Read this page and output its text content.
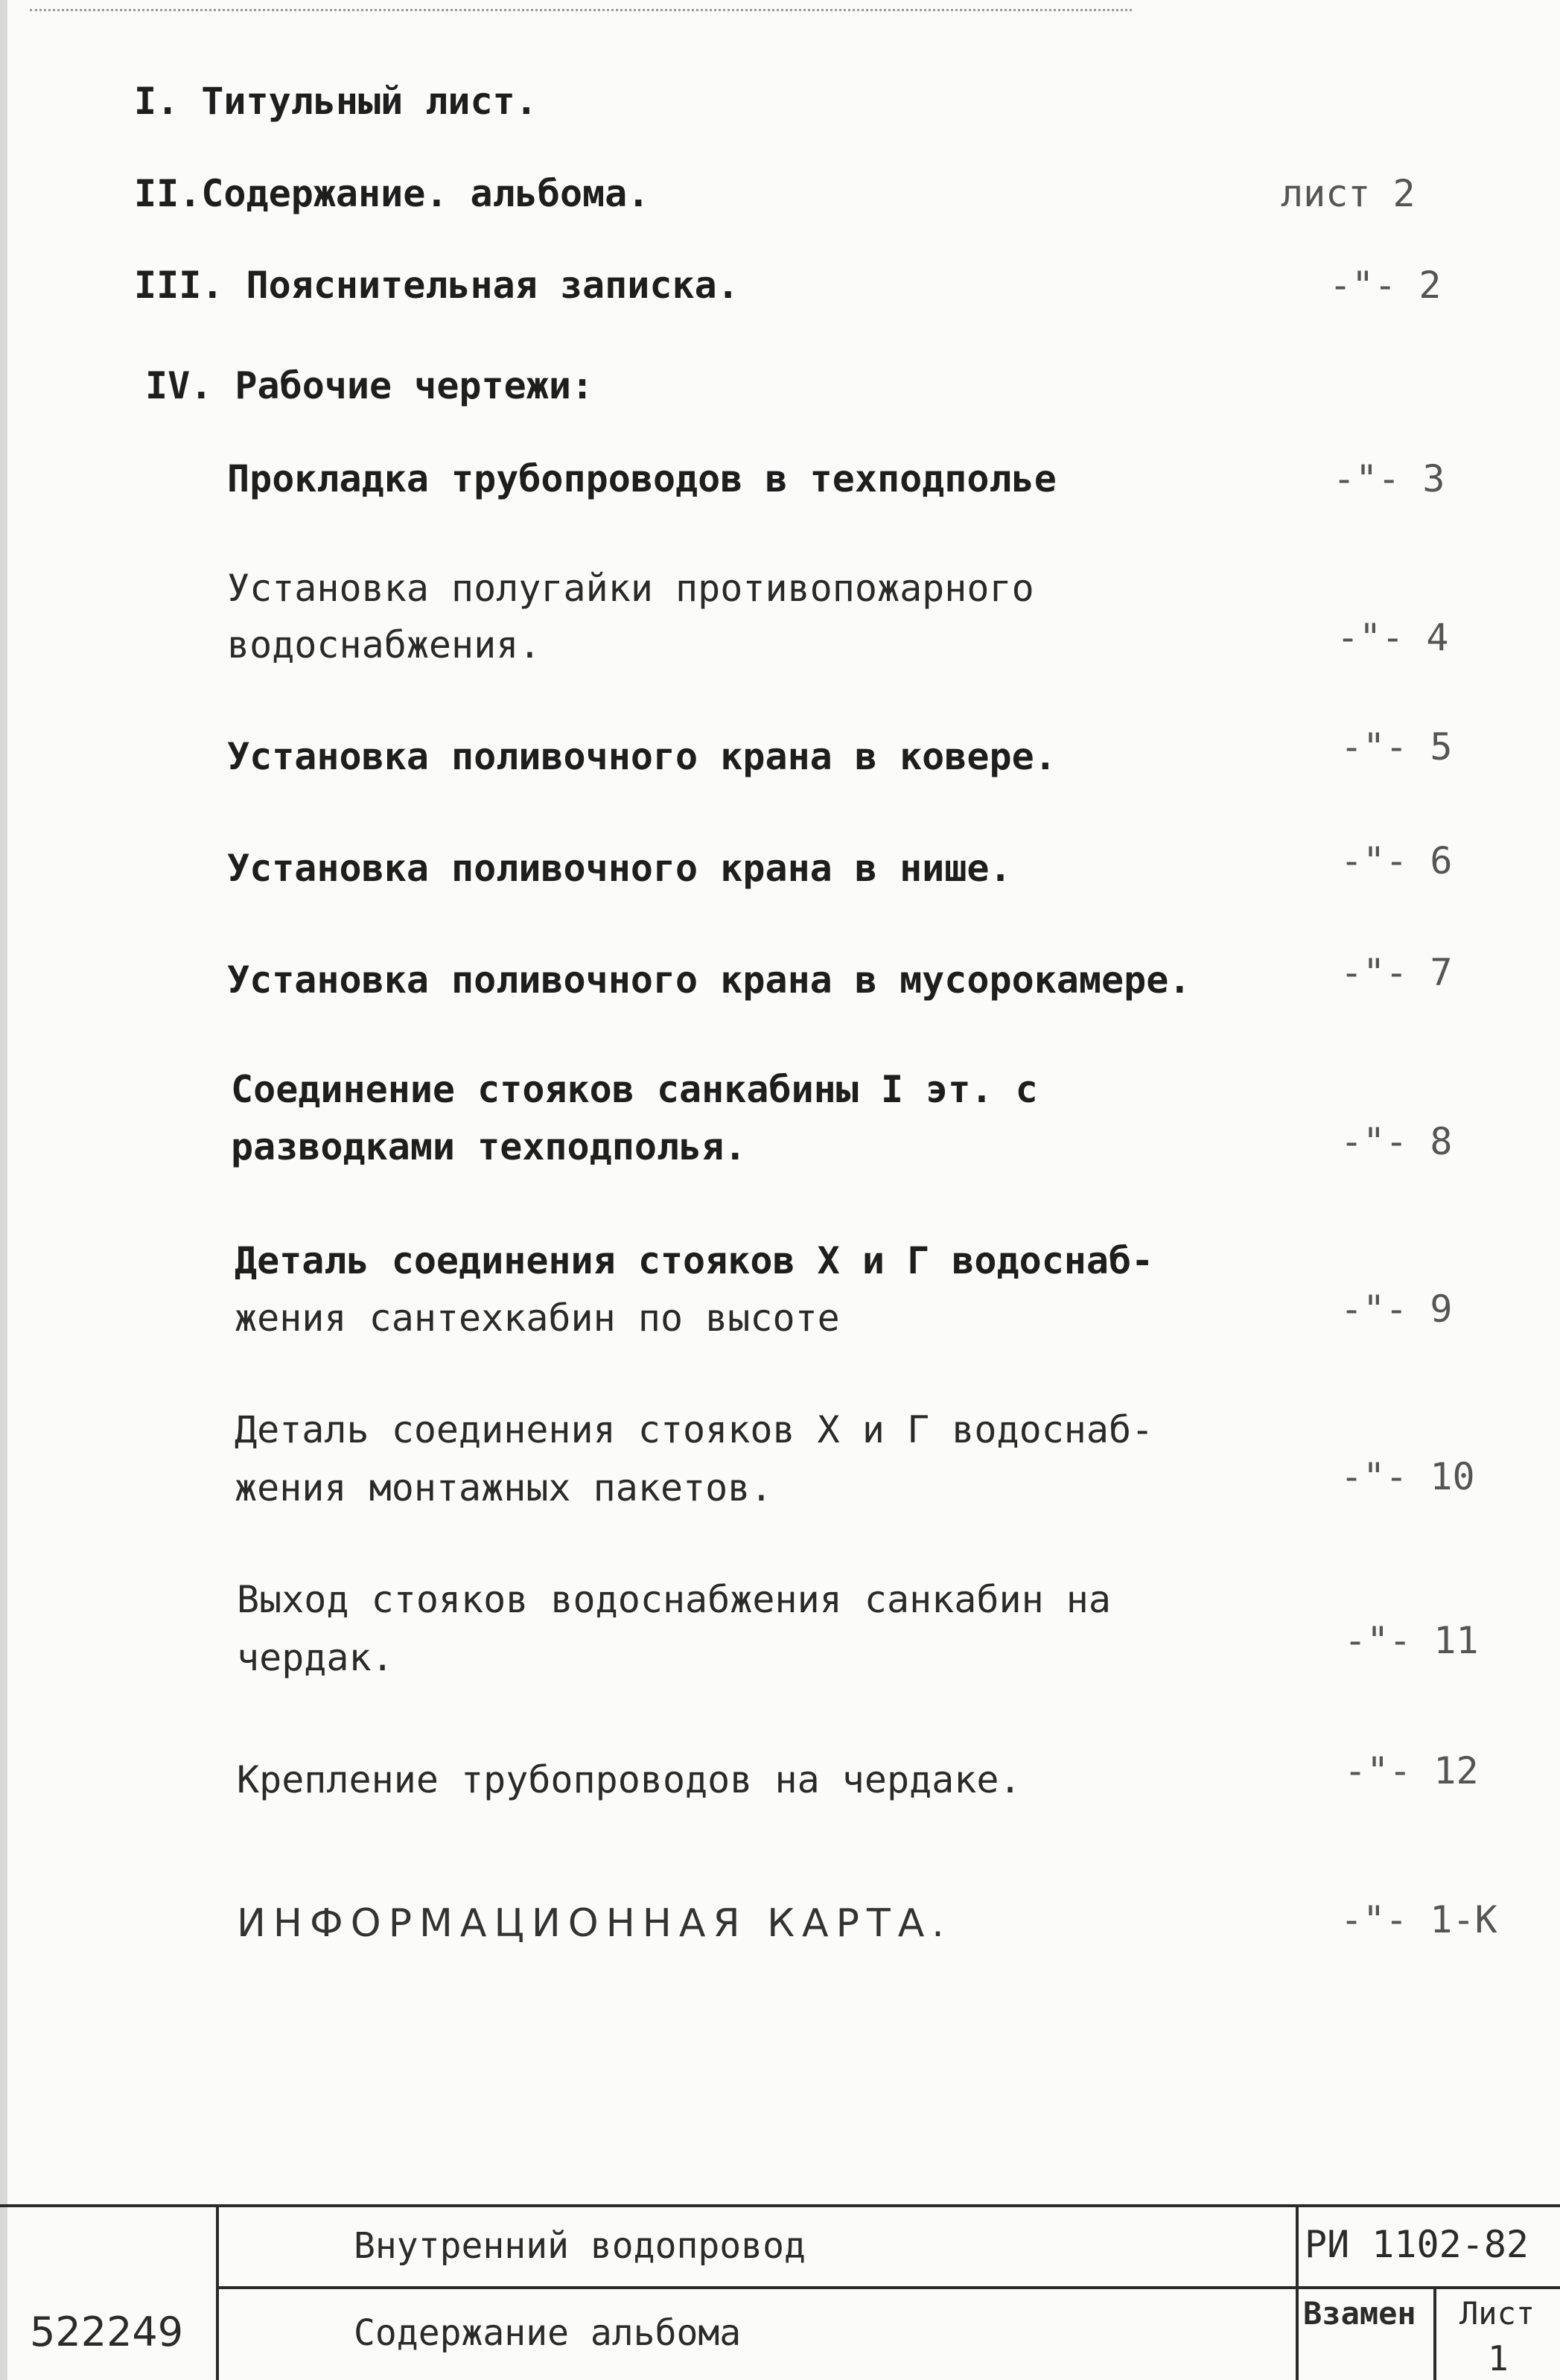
I. Титульный лист.
II.Содержание. альбома.	лист 2
III. Пояснительная записка.	-"- 2
IV. Рабочие чертежи:
Прокладка трубопроводов в техподполье	-"- 3
Установка полугайки противопожарного
водоснабжения.	-"- 4
Установка поливочного крана в ковере.	-"- 5
Установка поливочного крана в нише.	-"- 6
Установка поливочного крана в мусорокамере.	-"- 7
Соединение стояков санкабины I эт. с
разводками техподполья.	-"- 8
Деталь соединения стояков Х и Г водоснаб-
жения сантехкабин по высоте	-"- 9
Деталь соединения стояков Х и Г водоснаб-
жения монтажных пакетов.	-"- 10
Выход стояков водоснабжения санкабин на
чердак.	-"- 11
Крепление трубопроводов на чердаке.	-"- 12
ИНФОРМАЦИОННАЯ КАРТА.	-"- 1-К
Внутренний водопровод
Содержание альбома
РИ 1102-82
Взамен Лист
1
522249
